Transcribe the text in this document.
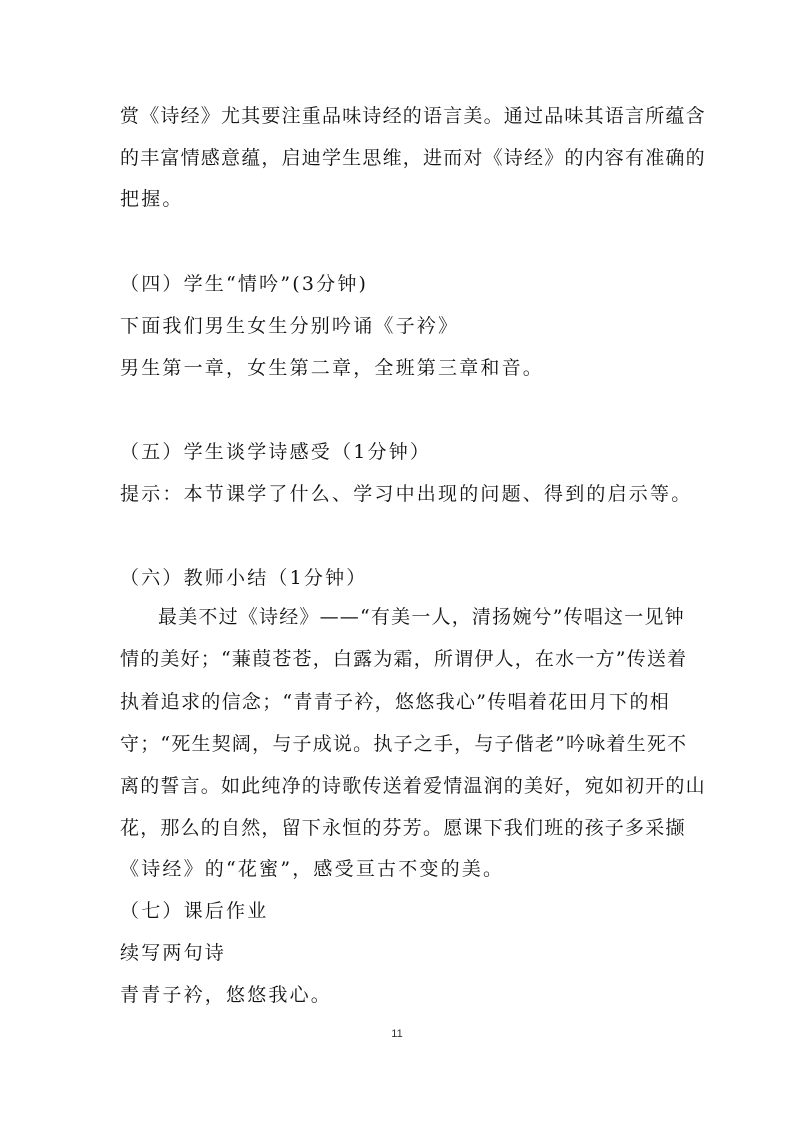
赏《诗经》尤其要注重品味诗经的语言美。通过品味其语言所蕴含
的丰富情感意蕴，启迪学生思维，进而对《诗经》的内容有准确的
把握。
（四）学生“情吟”(3分钟)
下面我们男生女生分别吟诵《子衿》
男生第一章，女生第二章，全班第三章和音。
（五）学生谈学诗感受（1分钟）
提示：本节课学了什么、学习中出现的问题、得到的启示等。
（六）教师小结（1分钟）
最美不过《诗经》——“有美一人，清扬婉兮”传唱这一见钟
情的美好；“蒹葭苍苍，白露为霜，所谓伊人，在水一方”传送着
执着追求的信念；“青青子衿，悠悠我心”传唱着花田月下的相
守；“死生契阔，与子成说。执子之手，与子偕老”吟咏着生死不
离的誓言。如此纯净的诗歌传送着爱情温润的美好，宛如初开的山
花，那么的自然，留下永恒的芬芳。愿课下我们班的孩子多采撷
《诗经》的“花蜜”，感受亘古不变的美。
（七）课后作业
续写两句诗
青青子衿，悠悠我心。
11
